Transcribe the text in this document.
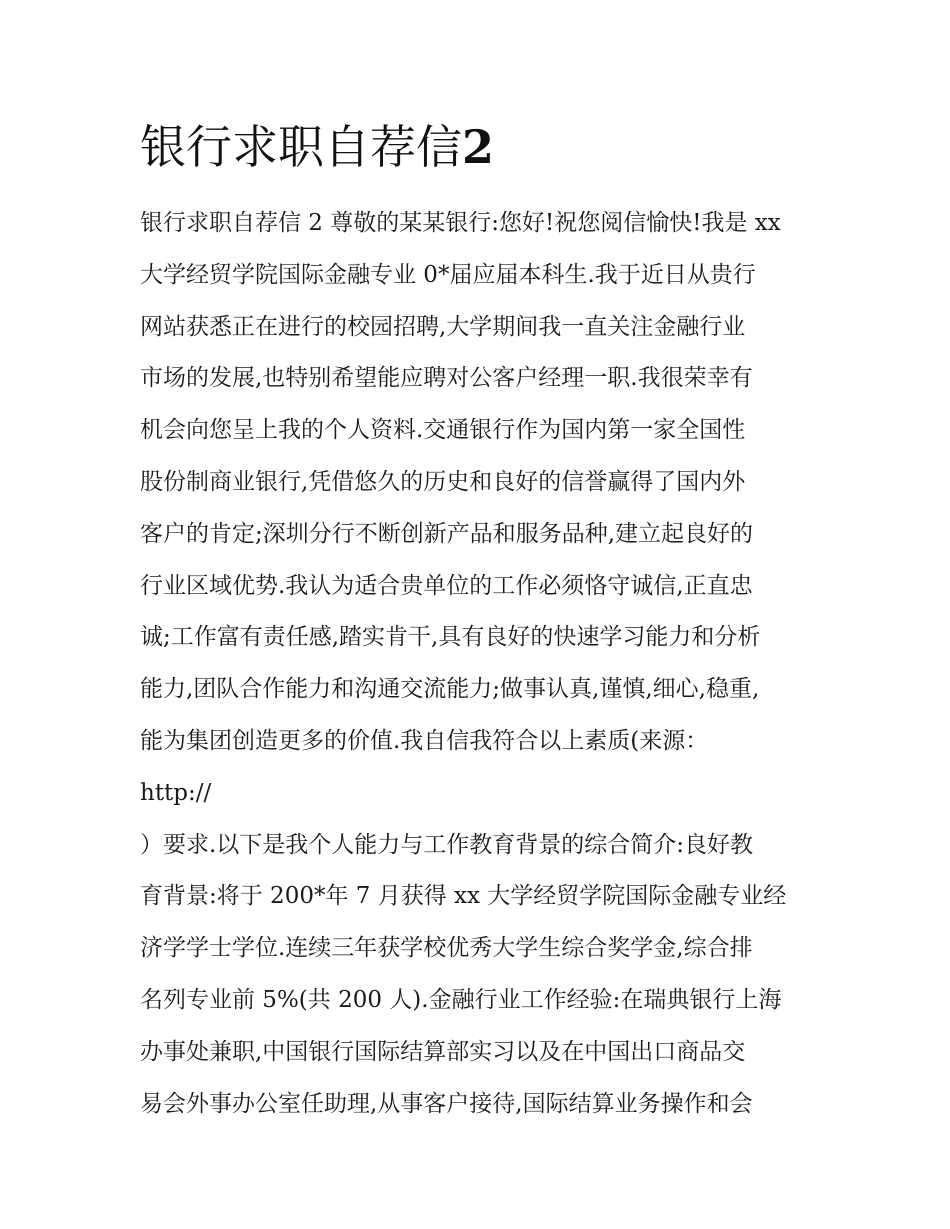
银行求职自荐信2
银行求职自荐信 2 尊敬的某某银行:您好!祝您阅信愉快!我是 xx
大学经贸学院国际金融专业 0*届应届本科生.我于近日从贵行
网站获悉正在进行的校园招聘,大学期间我一直关注金融行业
市场的发展,也特别希望能应聘对公客户经理一职.我很荣幸有
机会向您呈上我的个人资料.交通银行作为国内第一家全国性
股份制商业银行,凭借悠久的历史和良好的信誉赢得了国内外
客户的肯定;深圳分行不断创新产品和服务品种,建立起良好的
行业区域优势.我认为适合贵单位的工作必须恪守诚信,正直忠
诚;工作富有责任感,踏实肯干,具有良好的快速学习能力和分析
能力,团队合作能力和沟通交流能力;做事认真,谨慎,细心,稳重,
能为集团创造更多的价值.我自信我符合以上素质(来源：
http://
）要求.以下是我个人能力与工作教育背景的综合简介:良好教
育背景:将于 200*年 7 月获得 xx 大学经贸学院国际金融专业经
济学学士学位.连续三年获学校优秀大学生综合奖学金,综合排
名列专业前 5%(共 200 人).金融行业工作经验:在瑞典银行上海
办事处兼职,中国银行国际结算部实习以及在中国出口商品交
易会外事办公室任助理,从事客户接待,国际结算业务操作和会
